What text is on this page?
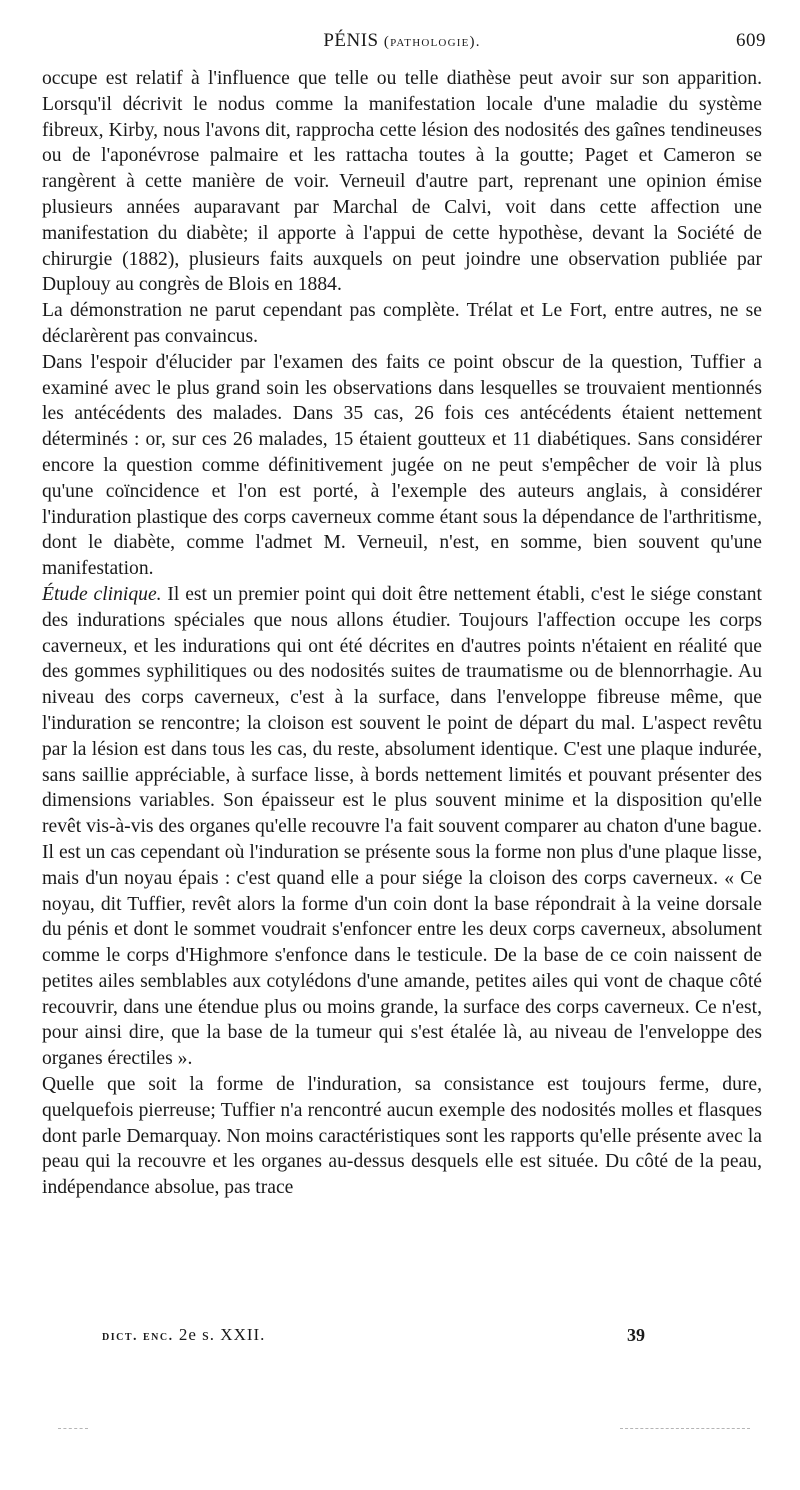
PÉNIS (pathologie).	609

occupe est relatif à l'influence que telle ou telle diathèse peut avoir sur son apparition. Lorsqu'il décrivit le nodus comme la manifestation locale d'une maladie du système fibreux, Kirby, nous l'avons dit, rapprocha cette lésion des nodosités des gaînes tendineuses ou de l'aponévrose palmaire et les rattacha toutes à la goutte; Paget et Cameron se rangèrent à cette manière de voir. Verneuil d'autre part, reprenant une opinion émise plusieurs années auparavant par Marchal de Calvi, voit dans cette affection une manifestation du diabète; il apporte à l'appui de cette hypothèse, devant la Société de chirurgie (1882), plusieurs faits auxquels on peut joindre une observation publiée par Duplouy au congrès de Blois en 1884.

La démonstration ne parut cependant pas complète. Trélat et Le Fort, entre autres, ne se déclarèrent pas convaincus.

Dans l'espoir d'élucider par l'examen des faits ce point obscur de la question, Tuffier a examiné avec le plus grand soin les observations dans lesquelles se trouvaient mentionnés les antécédents des malades. Dans 35 cas, 26 fois ces antécédents étaient nettement déterminés : or, sur ces 26 malades, 15 étaient goutteux et 11 diabétiques. Sans considérer encore la question comme définitivement jugée on ne peut s'empêcher de voir là plus qu'une coïncidence et l'on est porté, à l'exemple des auteurs anglais, à considérer l'induration plastique des corps caverneux comme étant sous la dépendance de l'arthritisme, dont le diabète, comme l'admet M. Verneuil, n'est, en somme, bien souvent qu'une manifestation.

Étude clinique. Il est un premier point qui doit être nettement établi, c'est le siége constant des indurations spéciales que nous allons étudier. Toujours l'affection occupe les corps caverneux, et les indurations qui ont été décrites en d'autres points n'étaient en réalité que des gommes syphilitiques ou des nodosités suites de traumatisme ou de blennorrhagie. Au niveau des corps caverneux, c'est à la surface, dans l'enveloppe fibreuse même, que l'induration se rencontre; la cloison est souvent le point de départ du mal. L'aspect revêtu par la lésion est dans tous les cas, du reste, absolument identique. C'est une plaque indurée, sans saillie appréciable, à surface lisse, à bords nettement limités et pouvant présenter des dimensions variables. Son épaisseur est le plus souvent minime et la disposition qu'elle revêt vis-à-vis des organes qu'elle recouvre l'a fait souvent comparer au chaton d'une bague. Il est un cas cependant où l'induration se présente sous la forme non plus d'une plaque lisse, mais d'un noyau épais : c'est quand elle a pour siége la cloison des corps caverneux. « Ce noyau, dit Tuffier, revêt alors la forme d'un coin dont la base répondrait à la veine dorsale du pénis et dont le sommet voudrait s'enfoncer entre les deux corps caverneux, absolument comme le corps d'Highmore s'enfonce dans le testicule. De la base de ce coin naissent de petites ailes semblables aux cotylédons d'une amande, petites ailes qui vont de chaque côté recouvrir, dans une étendue plus ou moins grande, la surface des corps caverneux. Ce n'est, pour ainsi dire, que la base de la tumeur qui s'est étalée là, au niveau de l'enveloppe des organes érectiles ».

Quelle que soit la forme de l'induration, sa consistance est toujours ferme, dure, quelquefois pierreuse; Tuffier n'a rencontré aucun exemple des nodosités molles et flasques dont parle Demarquay. Non moins caractéristiques sont les rapports qu'elle présente avec la peau qui la recouvre et les organes au-dessus desquels elle est située. Du côté de la peau, indépendance absolue, pas trace

dict. enc. 2e s. XXII.	39
